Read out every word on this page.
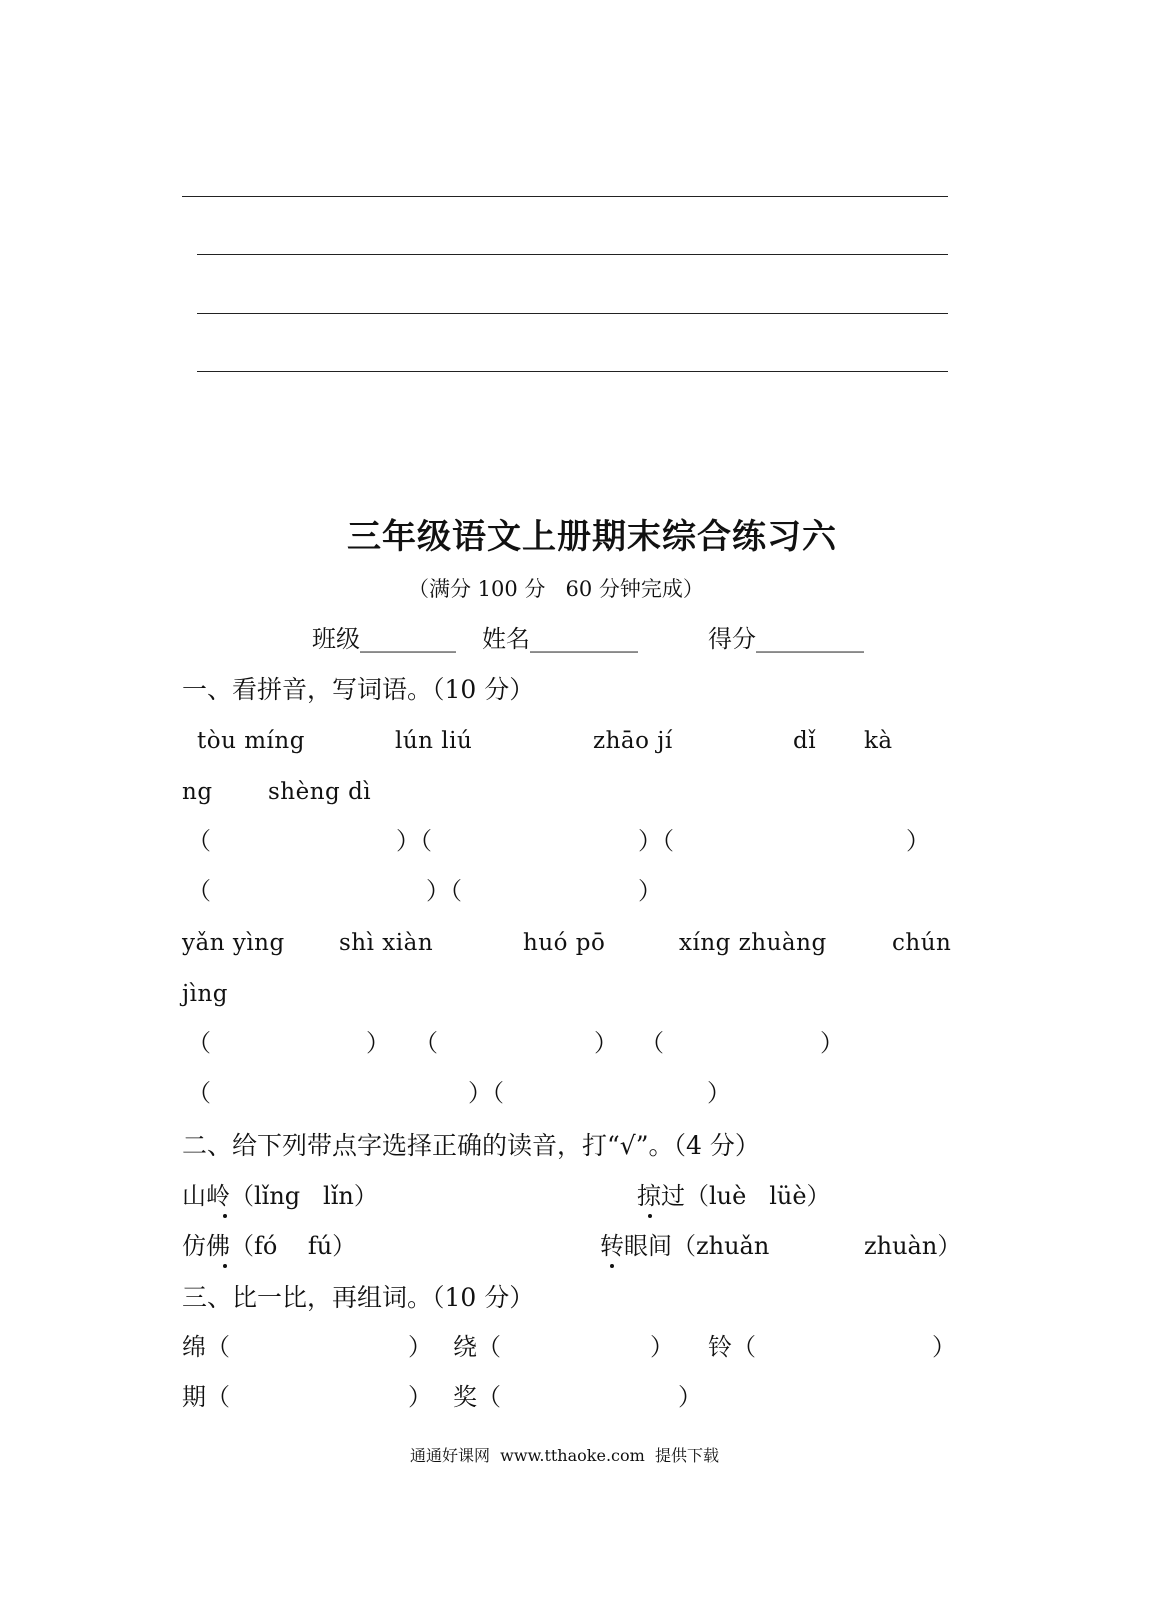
三年级语文上册期末综合练习六
（满分 100 分   60 分钟完成）
班级________ 姓名_________	得分_________
一、看拼音，写词语。（10 分）
tòu míng	lún liú	zhāo jí	dǐ kà
ng shèng dì
（	）（	）（	）
（	）（	）
yǎn yìng shì xiàn	huó pō	xíng zhuàng	chún
jìng
（	） （	） （	）
（	）（	）
二、给下列带点字选择正确的读音，打“√”。（4 分）
山岭（lǐng   lǐn）	掠过（luè   lüè）
仿佛（fó    fú）	转眼间（zhuǎn	zhuàn）
三、比一比，再组词。（10 分）
绵（	） 绕（	） 铃（	）
期（	） 奖（	）
通通好课网  www.tthaoke.com  提供下载
